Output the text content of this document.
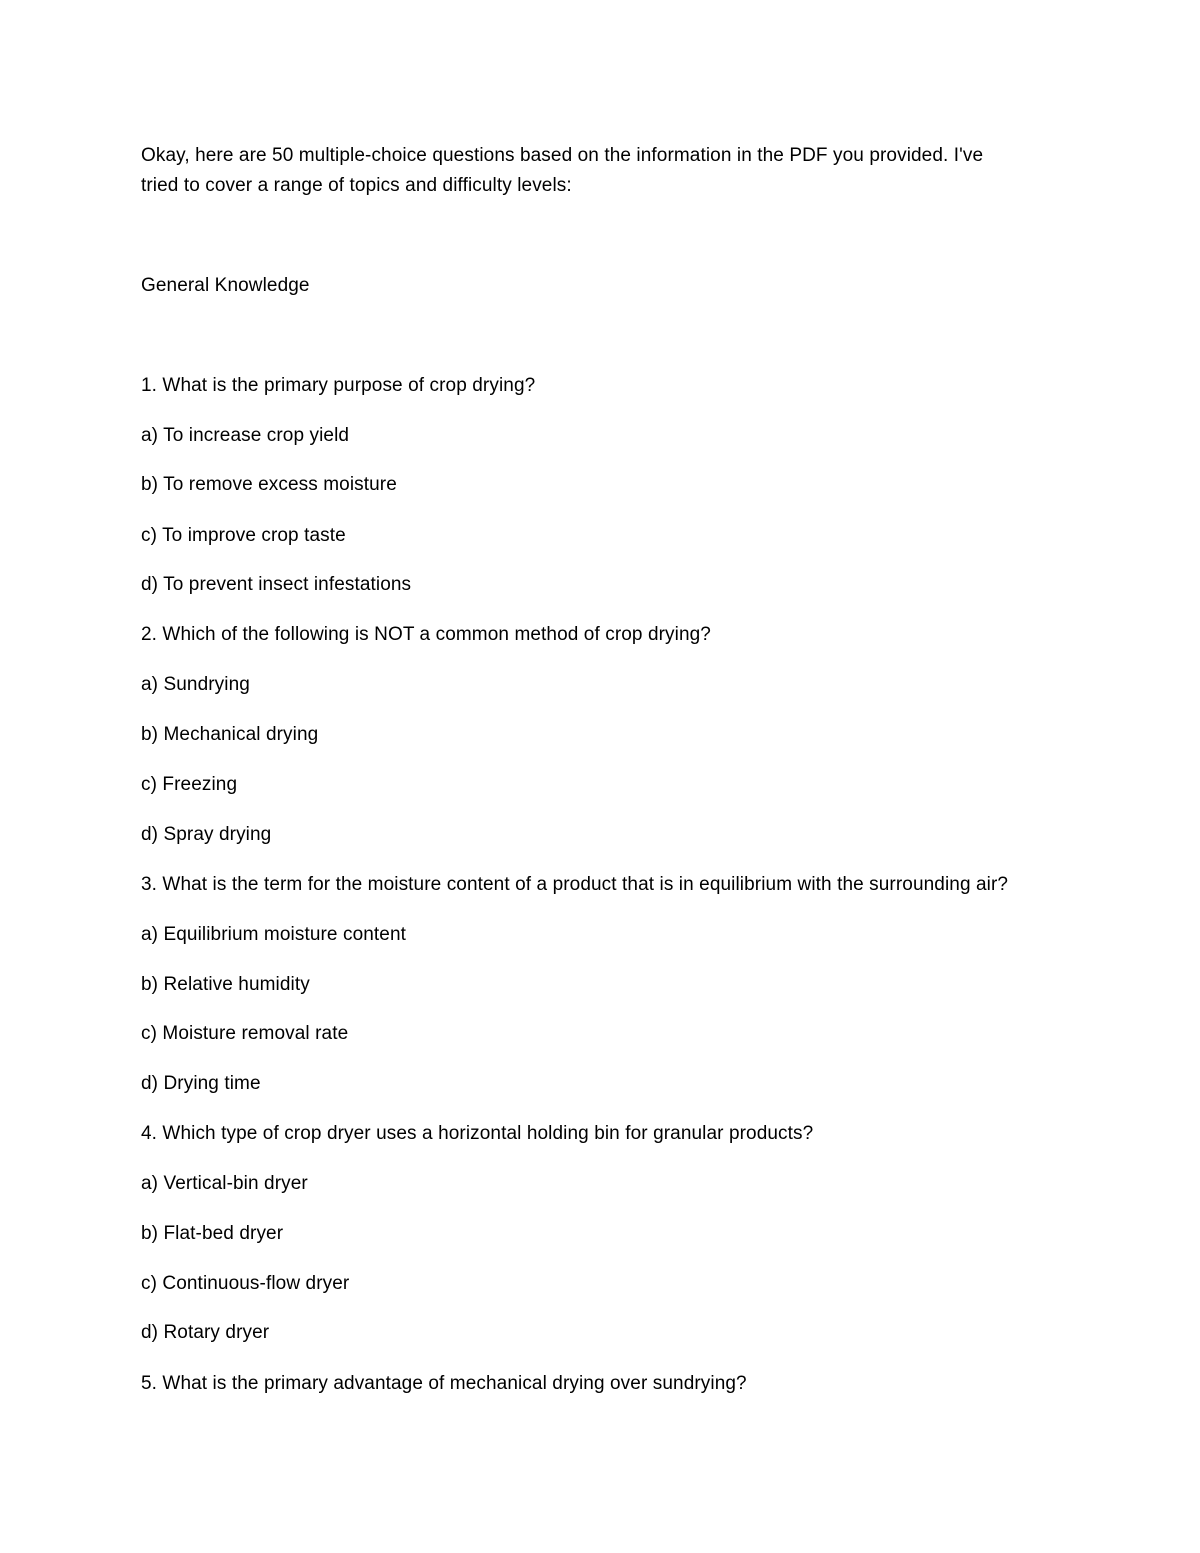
Okay, here are 50 multiple-choice questions based on the information in the PDF you provided. I've
tried to cover a range of topics and difficulty levels:
General Knowledge
1. What is the primary purpose of crop drying?
a) To increase crop yield
b) To remove excess moisture
c) To improve crop taste
d) To prevent insect infestations
2. Which of the following is NOT a common method of crop drying?
a) Sundrying
b) Mechanical drying
c) Freezing
d) Spray drying
3. What is the term for the moisture content of a product that is in equilibrium with the surrounding air?
a) Equilibrium moisture content
b) Relative humidity
c) Moisture removal rate
d) Drying time
4. Which type of crop dryer uses a horizontal holding bin for granular products?
a) Vertical-bin dryer
b) Flat-bed dryer
c) Continuous-flow dryer
d) Rotary dryer
5. What is the primary advantage of mechanical drying over sundrying?
